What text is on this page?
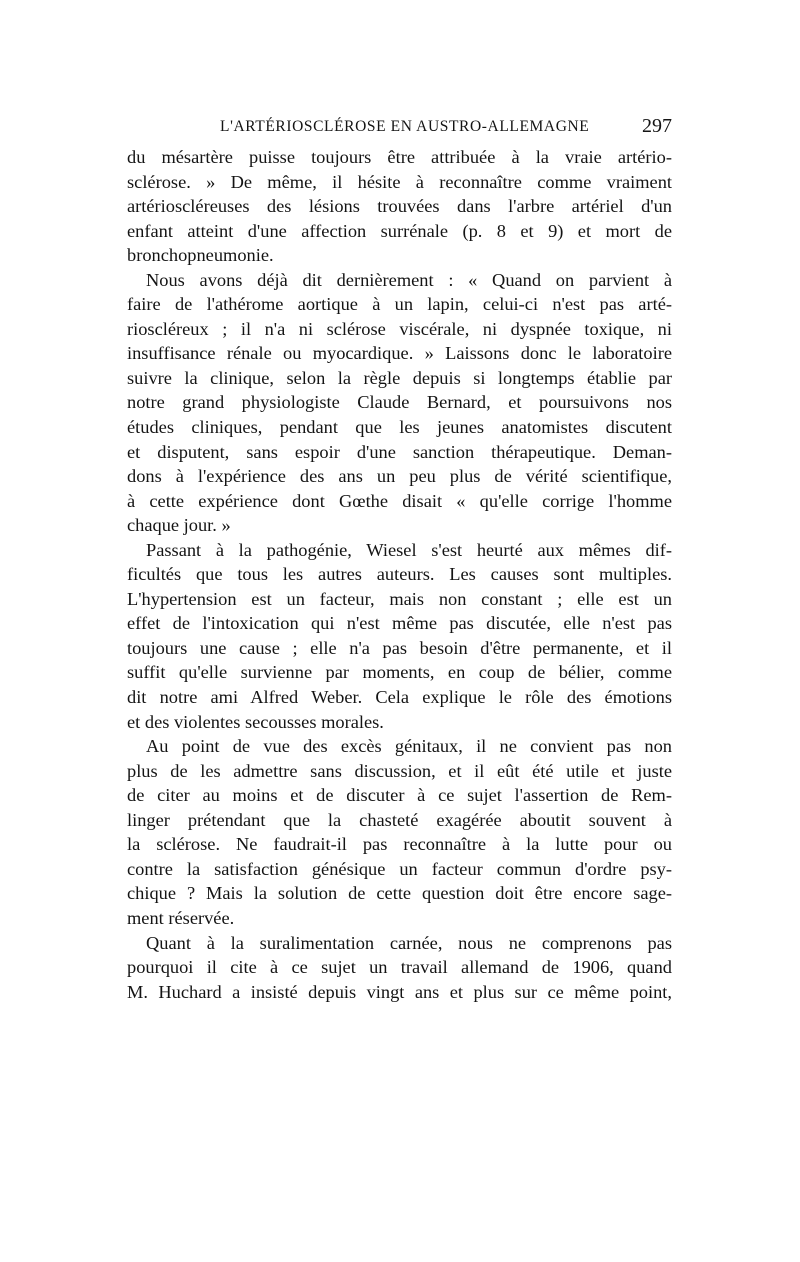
L'ARTÉRIOSCLÉROSE EN AUSTRO-ALLEMAGNE	297
du mésartère puisse toujours être attribuée à la vraie artério-
sclérose. » De même, il hésite à reconnaître comme vraiment
artérioscléreuses des lésions trouvées dans l'arbre artériel d'un
enfant atteint d'une affection surrénale (p. 8 et 9) et mort de
bronchopneumonie.
Nous avons déjà dit dernièrement : « Quand on parvient à
faire de l'athérome aortique à un lapin, celui-ci n'est pas arté-
rioscléreux ; il n'a ni sclérose viscérale, ni dyspnée toxique, ni
insuffisance rénale ou myocardique. » Laissons donc le laboratoire
suivre la clinique, selon la règle depuis si longtemps établie par
notre grand physiologiste Claude Bernard, et poursuivons nos
études cliniques, pendant que les jeunes anatomistes discutent
et disputent, sans espoir d'une sanction thérapeutique. Deman-
dons à l'expérience des ans un peu plus de vérité scientifique,
à cette expérience dont Gœthe disait « qu'elle corrige l'homme
chaque jour. »
Passant à la pathogénie, Wiesel s'est heurté aux mêmes dif-
ficultés que tous les autres auteurs. Les causes sont multiples.
L'hypertension est un facteur, mais non constant ; elle est un
effet de l'intoxication qui n'est même pas discutée, elle n'est pas
toujours une cause ; elle n'a pas besoin d'être permanente, et il
suffit qu'elle survienne par moments, en coup de bélier, comme
dit notre ami Alfred Weber. Cela explique le rôle des émotions
et des violentes secousses morales.
Au point de vue des excès génitaux, il ne convient pas non
plus de les admettre sans discussion, et il eût été utile et juste
de citer au moins et de discuter à ce sujet l'assertion de Rem-
linger prétendant que la chasteté exagérée aboutit souvent à
la sclérose. Ne faudrait-il pas reconnaître à la lutte pour ou
contre la satisfaction génésique un facteur commun d'ordre psy-
chique ? Mais la solution de cette question doit être encore sage-
ment réservée.
Quant à la suralimentation carnée, nous ne comprenons pas
pourquoi il cite à ce sujet un travail allemand de 1906, quand
M. Huchard a insisté depuis vingt ans et plus sur ce même point,
